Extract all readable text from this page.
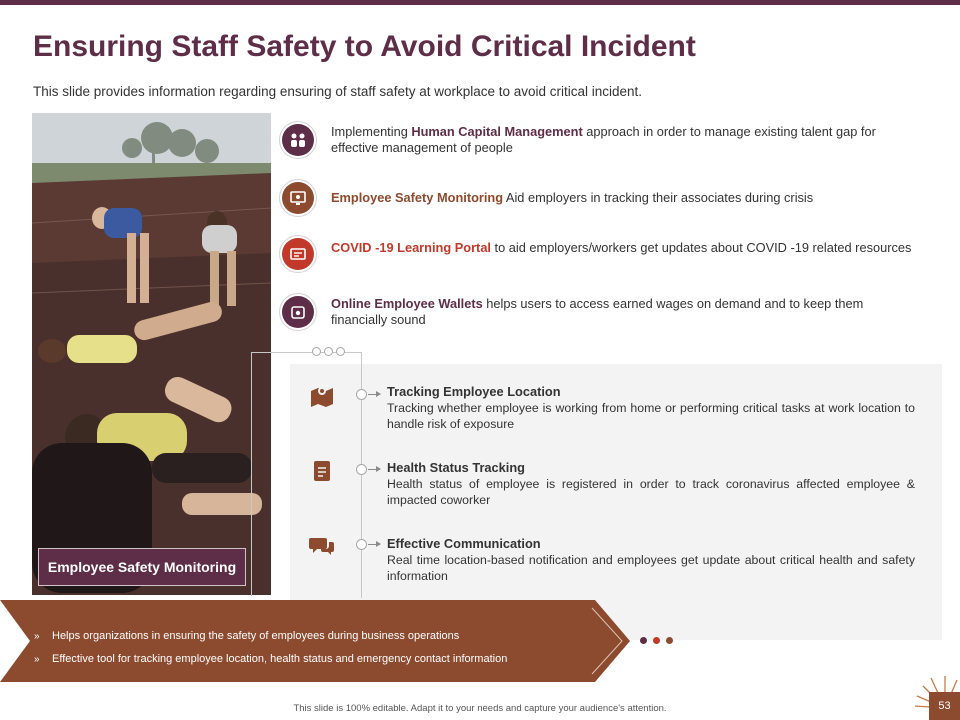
Ensuring Staff Safety to Avoid Critical Incident
This slide provides information regarding ensuring of staff safety at workplace to avoid critical incident.
Employee Safety Monitoring
Implementing Human Capital Management approach in order to manage existing talent gap for effective management of people
Employee Safety Monitoring Aid employers in tracking their associates during crisis
COVID -19 Learning Portal to aid employers/workers get updates about COVID -19 related resources
Online Employee Wallets helps users to access earned wages on demand and to keep them financially sound
Tracking Employee Location
Tracking whether employee is working from home or performing critical tasks at work location to handle risk of exposure
Health Status Tracking
Health status of employee is registered in order to track coronavirus affected employee & impacted coworker
Effective Communication
Real time location-based notification and employees get update about critical health and safety information
» Helps organizations in ensuring the safety of employees during business operations
» Effective tool for tracking employee location, health status and emergency contact information
This slide is 100% editable. Adapt it to your needs and capture your audience's attention.	53
